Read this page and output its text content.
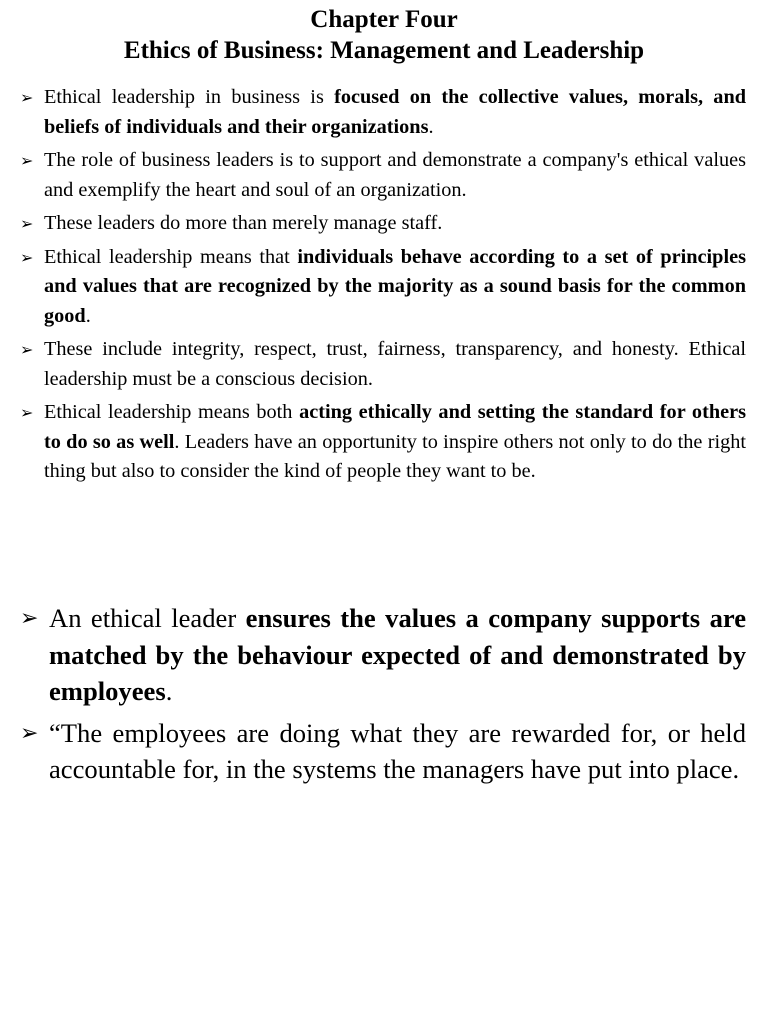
Chapter Four

Ethics of Business: Management and Leadership

➢ Ethical leadership in business is focused on the collective values, morals, and beliefs of individuals and their organizations.
➢ The role of business leaders is to support and demonstrate a company's ethical values and exemplify the heart and soul of an organization.
➢ These leaders do more than merely manage staff.
➢ Ethical leadership means that individuals behave according to a set of principles and values that are recognized by the majority as a sound basis for the common good.
➢ These include integrity, respect, trust, fairness, transparency, and honesty. Ethical leadership must be a conscious decision.
➢ Ethical leadership means both acting ethically and setting the standard for others to do so as well. Leaders have an opportunity to inspire others not only to do the right thing but also to consider the kind of people they want to be.
➢ An ethical leader ensures the values a company supports are matched by the behaviour expected of and demonstrated by employees.
➢ “The employees are doing what they are rewarded for, or held accountable for, in the systems the managers have put into place.
